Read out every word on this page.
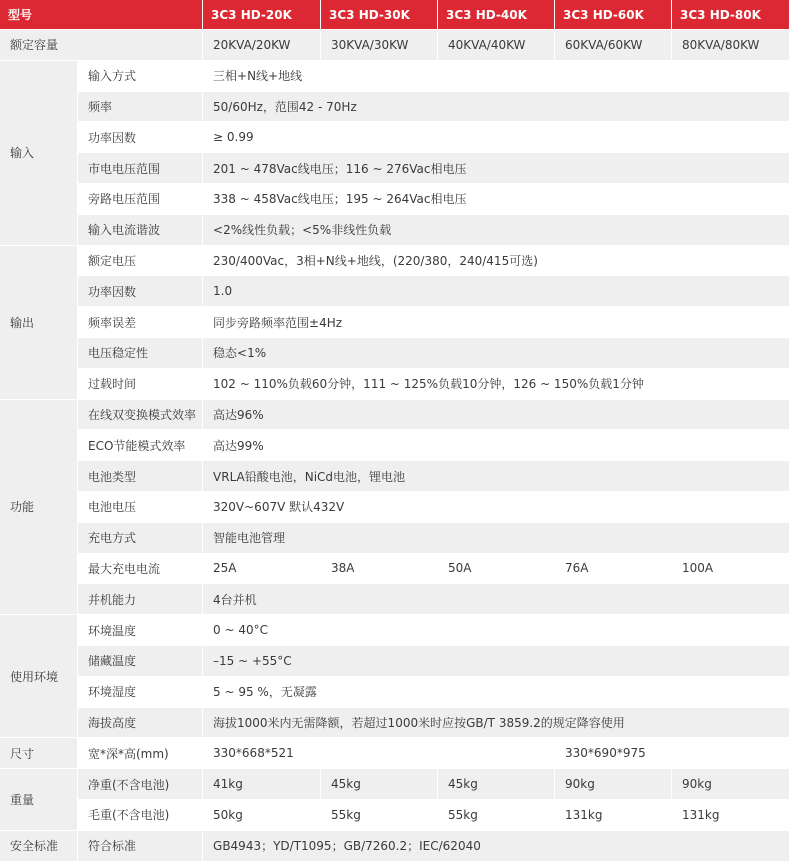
型号		3C3 HD-20K	3C3 HD-30K	3C3 HD-40K	3C3 HD-60K	3C3 HD-80K
额定容量		20KVA/20KW	30KVA/30KW	40KVA/40KW	60KVA/60KW	80KVA/80KW
输入	输入方式	三相+N线+地线				
	频率	50/60Hz，范围42 - 70Hz				
	功率因数	≥ 0.99				
	市电电压范围	201 ~ 478Vac线电压；116 ~ 276Vac相电压				
	旁路电压范围	338 ~ 458Vac线电压；195 ~ 264Vac相电压				
	输入电流谐波	<2%线性负载；<5%非线性负载				
输出	额定电压	230/400Vac，3相+N线+地线，(220/380，240/415可选)				
	功率因数	1.0				
	频率误差	同步旁路频率范围±4Hz				
	电压稳定性	稳态<1%				
	过载时间	102 ~ 110%负载60分钟，111 ~ 125%负载10分钟，126 ~ 150%负载1分钟				
功能	在线双变换模式效率	高达96%				
	ECO节能模式效率	高达99%				
	电池类型	VRLA铅酸电池，NiCd电池，锂电池				
	电池电压	320V~607V 默认432V				
	充电方式	智能电池管理				
	最大充电电流	25A	38A	50A	76A	100A
	并机能力	4台并机				
使用环境	环境温度	0 ~ 40°C				
	储藏温度	–15 ~ +55°C				
	环境湿度	5 ~ 95 %，无凝露				
	海拔高度	海拔1000米内无需降额，若超过1000米时应按GB/T 3859.2的规定降容使用				
尺寸	宽*深*高(mm)	330*668*521			330*690*975	
重量	净重(不含电池)	41kg	45kg	45kg	90kg	90kg
	毛重(不含电池)	50kg	55kg	55kg	131kg	131kg
安全标准	符合标准	GB4943；YD/T1095；GB/7260.2；IEC/62040				
